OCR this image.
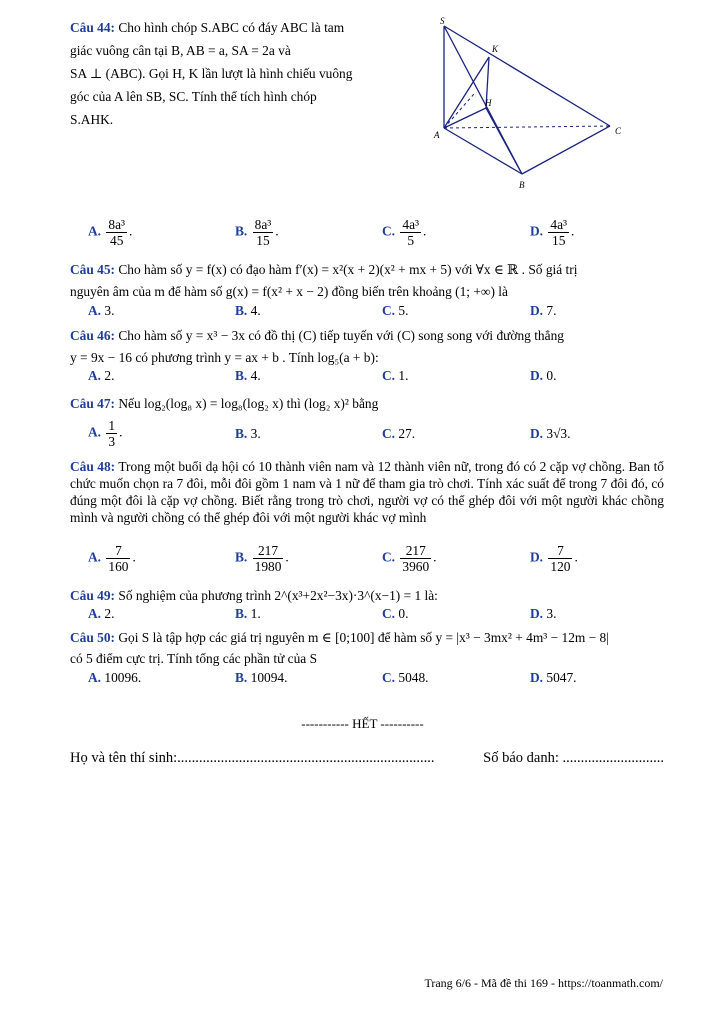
Câu 44: Cho hình chóp S.ABC có đáy ABC là tam
giác vuông cân tại B, AB = a, SA = 2a và
SA ⊥ (ABC). Gọi H, K lần lượt là hình chiếu vuông
góc của A lên SB, SC. Tính thể tích hình chóp
S.AHK.
S
K
H
A	C
B
A. $\frac{\text{8a³}}{45}$ .	B. $\frac{\text{8a³}}{15}$ .	C. $\frac{\text{4a³}}{5}$ .	D. $\frac{\text{4a³}}{15}$ .
Câu 45: Cho hàm số y = f(x) có đạo hàm f′(x) = x²(x + 2)(x² + mx + 5) với ∀x ∈ ℝ . Số giá trị
nguyên âm của m để hàm số g(x) = f(x² + x − 2) đồng biến trên khoảng (1; +∞) là
A. 3.	B. 4.	C. 5.	D. 7.
Câu 46: Cho hàm số y = x³ − 3x có đồ thị (C) tiếp tuyến với (C) song song với đường thẳng
y = 9x − 16 có phương trình y = ax + b . Tính log₅(a + b):
A. 2.	B. 4.	C. 1.	D. 0.
Câu 47: Nếu log₂(log₈ x) = log₈(log₂ x) thì (log₂ x)² bằng
A. $\frac{1}{3}$ .	B. 3.	C. 27.	D. 3√3.
Câu 48: Trong một buổi dạ hội có 10 thành viên nam và 12 thành viên nữ, trong đó có 2 cặp vợ chồng. Ban tổ chức muốn chọn ra 7 đôi, mỗi đôi gồm 1 nam và 1 nữ để tham gia trò chơi. Tính xác suất để trong 7 đôi đó, có đúng một đôi là cặp vợ chồng. Biết rằng trong trò chơi, người vợ có thể ghép đôi với một người khác chồng mình và người chồng có thể ghép đôi với một người khác vợ mình
A. $\frac{7}{160}$ .	B. $\frac{217}{1980}$ .	C. $\frac{217}{3960}$ .	D. $\frac{7}{120}$ .
Câu 49: Số nghiệm của phương trình 2^(x³+2x²−3x)·3^(x−1) = 1 là:
A. 2.	B. 1.	C. 0.	D. 3.
Câu 50: Gọi S là tập hợp các giá trị nguyên m ∈ [0;100] để hàm số y = |x³ − 3mx² + 4m³ − 12m − 8|
có 5 điểm cực trị. Tính tổng các phần tử của S
A. 10096.	B. 10094.	C. 5048.	D. 5047.
----------- HẾT ----------
Họ và tên thí sinh:.......................................................................	Số báo danh: ............................
Trang 6/6 - Mã đề thi 169 - https://toanmath.com/
